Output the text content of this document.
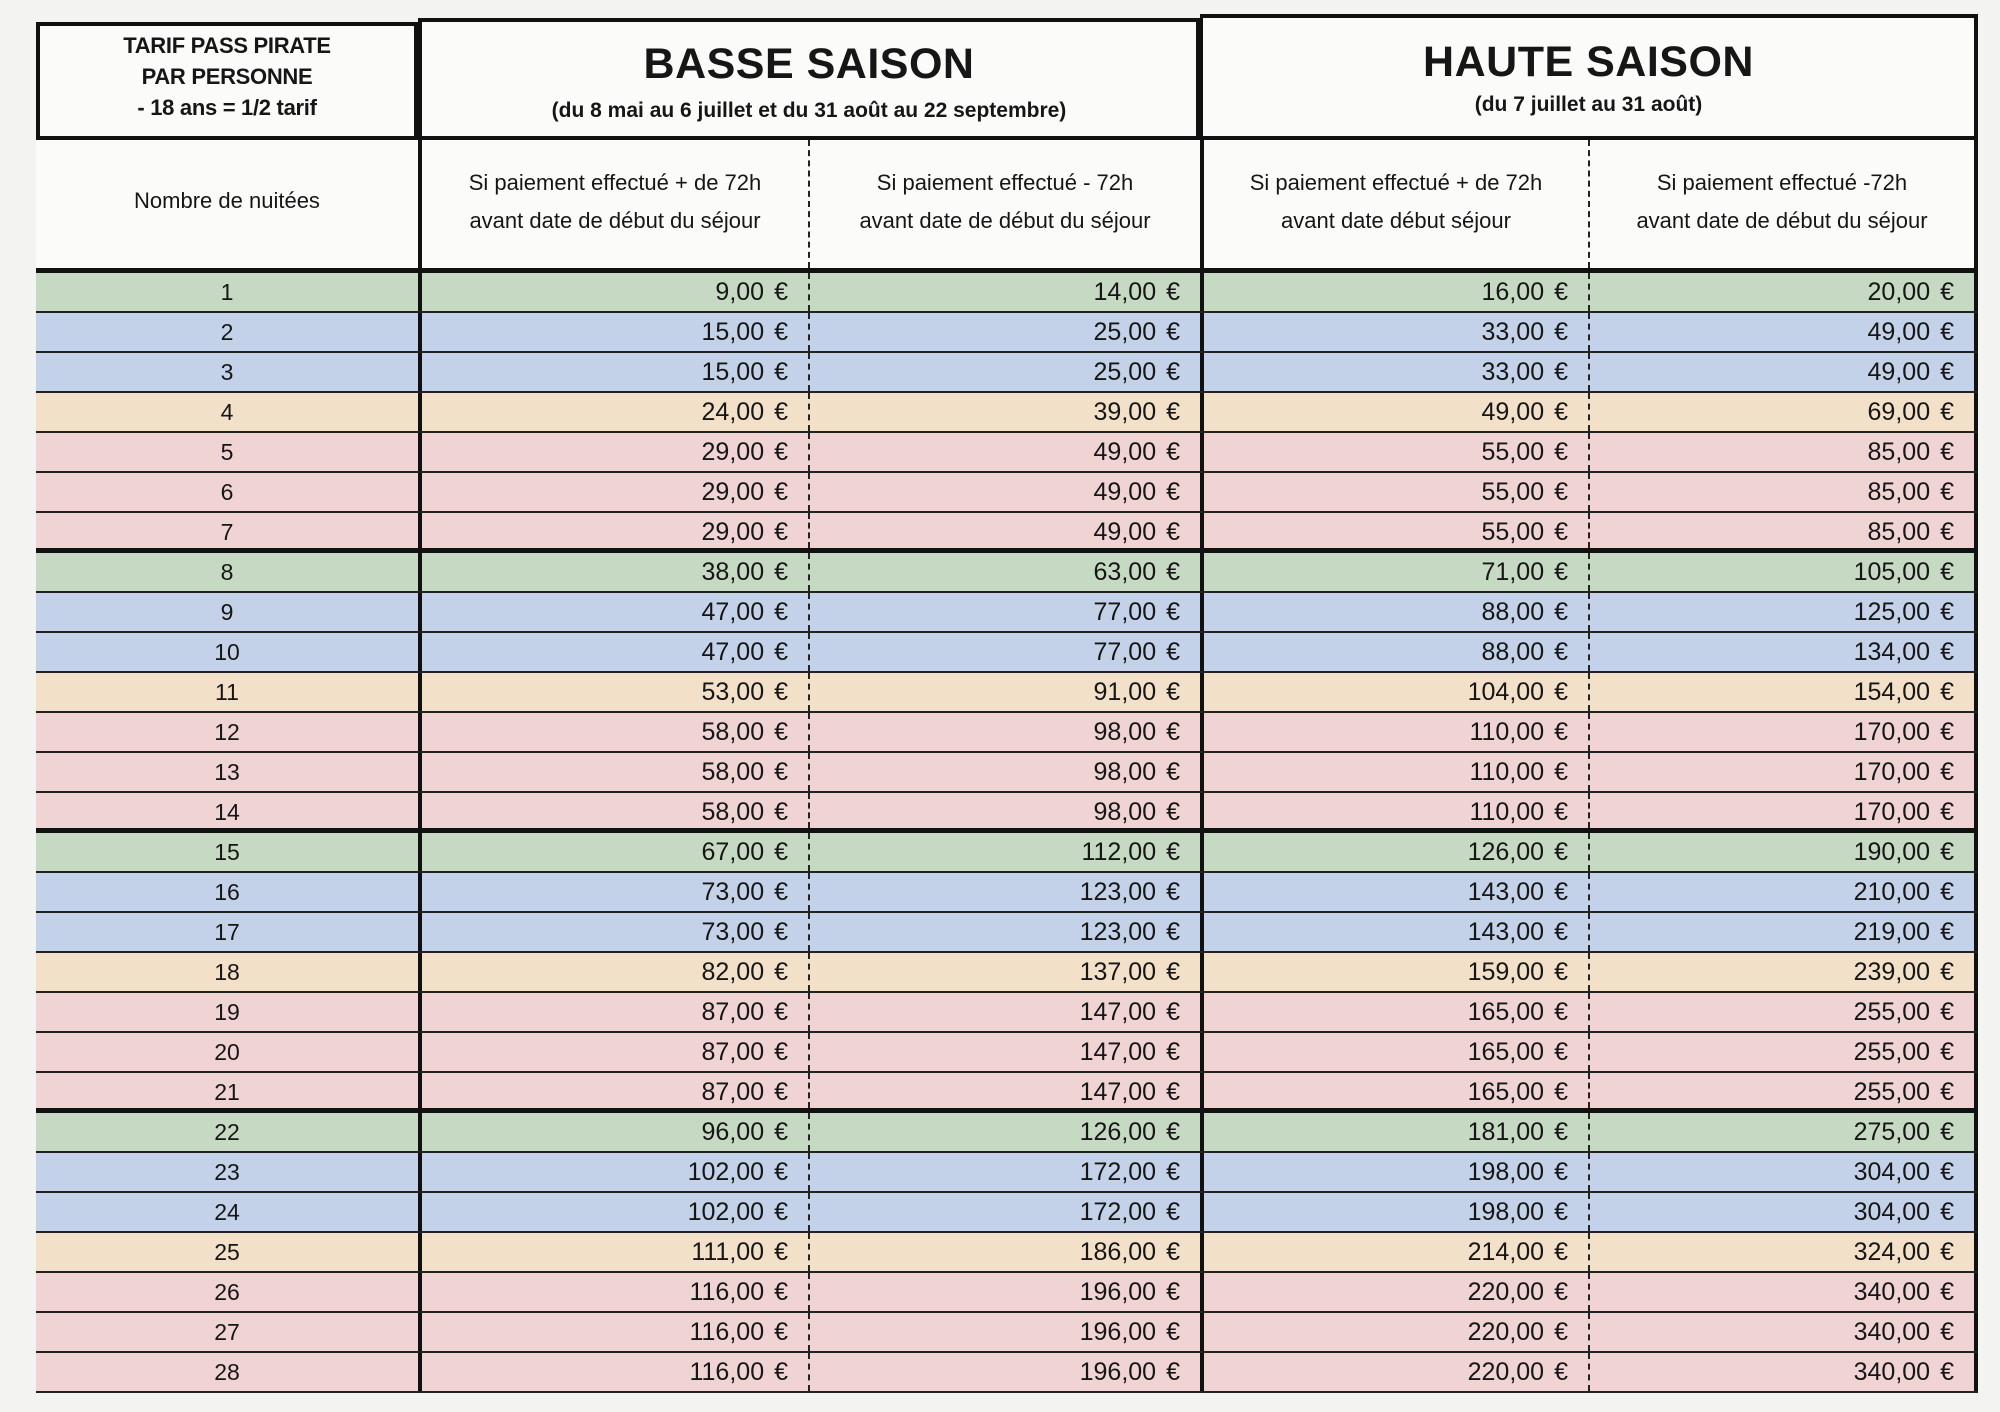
TARIF PASS PIRATE
PAR PERSONNE
- 18 ans = 1/2 tarif
BASSE SAISON
(du 8 mai au 6 juillet et du 31 août au 22 septembre)
HAUTE SAISON
(du 7 juillet au 31 août)
Nombre de nuitées
Si paiement effectué + de 72h
avant date de début du séjour
Si paiement effectué - 72h
avant date de début du séjour
Si paiement effectué + de 72h
avant date début séjour
Si paiement effectué -72h
avant date de début du séjour
1	9,00 €	14,00 €	16,00 €	20,00 €
2	15,00 €	25,00 €	33,00 €	49,00 €
3	15,00 €	25,00 €	33,00 €	49,00 €
4	24,00 €	39,00 €	49,00 €	69,00 €
5	29,00 €	49,00 €	55,00 €	85,00 €
6	29,00 €	49,00 €	55,00 €	85,00 €
7	29,00 €	49,00 €	55,00 €	85,00 €
8	38,00 €	63,00 €	71,00 €	105,00 €
9	47,00 €	77,00 €	88,00 €	125,00 €
10	47,00 €	77,00 €	88,00 €	134,00 €
11	53,00 €	91,00 €	104,00 €	154,00 €
12	58,00 €	98,00 €	110,00 €	170,00 €
13	58,00 €	98,00 €	110,00 €	170,00 €
14	58,00 €	98,00 €	110,00 €	170,00 €
15	67,00 €	112,00 €	126,00 €	190,00 €
16	73,00 €	123,00 €	143,00 €	210,00 €
17	73,00 €	123,00 €	143,00 €	219,00 €
18	82,00 €	137,00 €	159,00 €	239,00 €
19	87,00 €	147,00 €	165,00 €	255,00 €
20	87,00 €	147,00 €	165,00 €	255,00 €
21	87,00 €	147,00 €	165,00 €	255,00 €
22	96,00 €	126,00 €	181,00 €	275,00 €
23	102,00 €	172,00 €	198,00 €	304,00 €
24	102,00 €	172,00 €	198,00 €	304,00 €
25	111,00 €	186,00 €	214,00 €	324,00 €
26	116,00 €	196,00 €	220,00 €	340,00 €
27	116,00 €	196,00 €	220,00 €	340,00 €
28	116,00 €	196,00 €	220,00 €	340,00 €
